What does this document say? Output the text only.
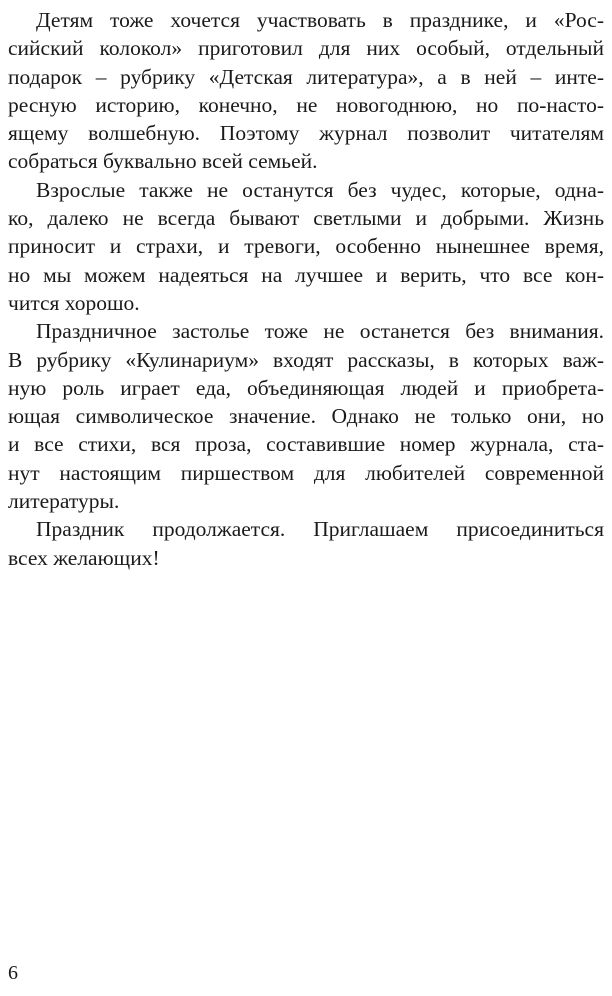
Детям тоже хочется участвовать в празднике, и «Рос-
сийский колокол» приготовил для них особый, отдельный
подарок – рубрику «Детская литература», а в ней – инте-
ресную историю, конечно, не новогоднюю, но по-насто-
ящему волшебную. Поэтому журнал позволит читателям
собраться буквально всей семьей.
Взрослые также не останутся без чудес, которые, одна-
ко, далеко не всегда бывают светлыми и добрыми. Жизнь
приносит и страхи, и тревоги, особенно нынешнее время,
но мы можем надеяться на лучшее и верить, что все кон-
чится хорошо.
Праздничное застолье тоже не останется без внимания.
В рубрику «Кулинариум» входят рассказы, в которых важ-
ную роль играет еда, объединяющая людей и приобрета-
ющая символическое значение. Однако не только они, но
и все стихи, вся проза, составившие номер журнала, ста-
нут настоящим пиршеством для любителей современной
литературы.
Праздник продолжается. Приглашаем присоединиться
всех желающих!
6
